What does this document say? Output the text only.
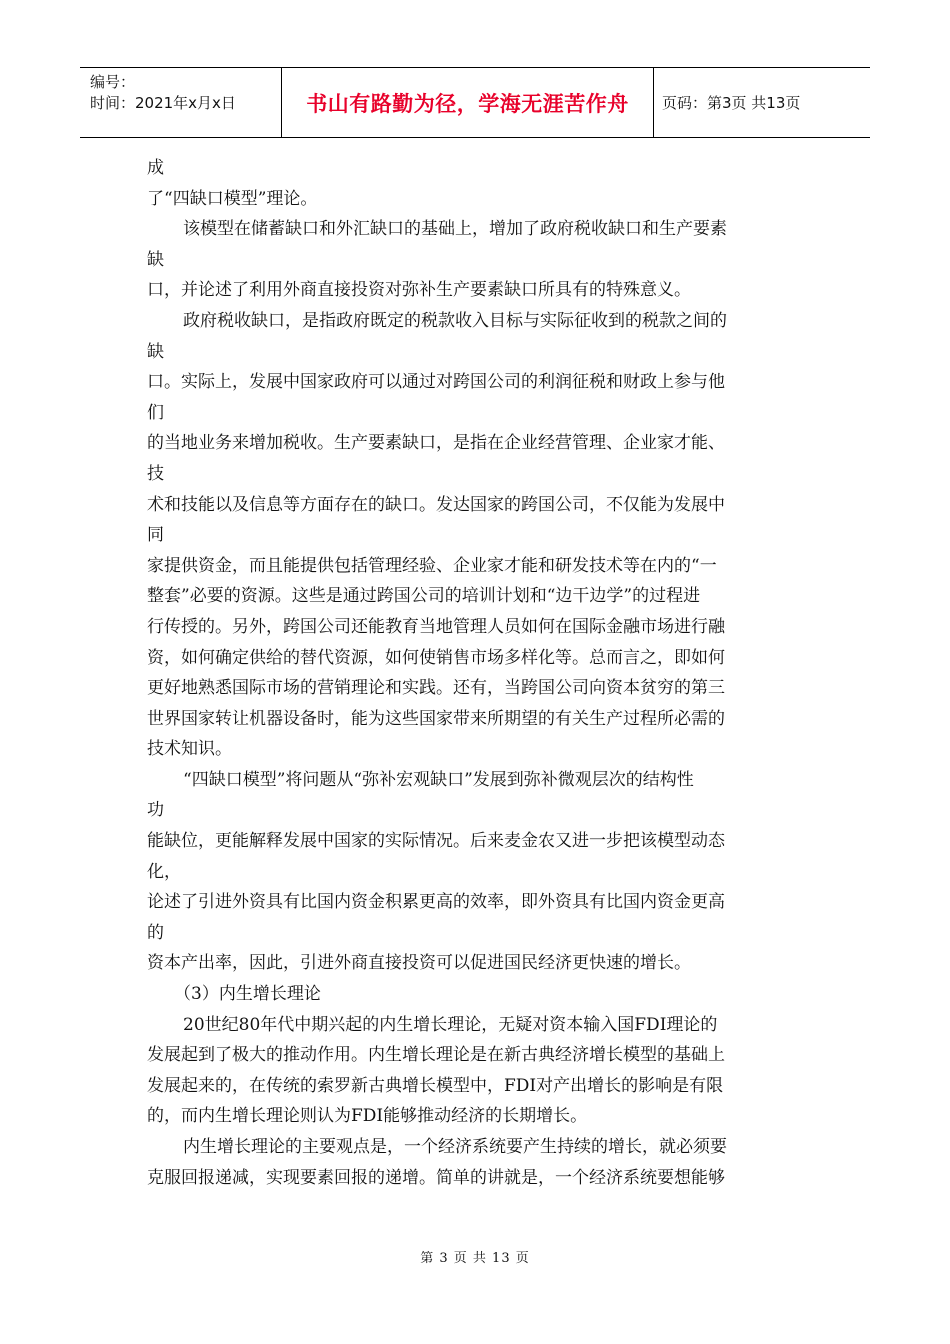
编号：
时间：2021年x月x日	书山有路勤为径，学海无涯苦作舟	页码：第3页 共13页
成
了“四缺口模型”理论。
该模型在储蓄缺口和外汇缺口的基础上，增加了政府税收缺口和生产要素
缺
口，并论述了利用外商直接投资对弥补生产要素缺口所具有的特殊意义。
政府税收缺口，是指政府既定的税款收入目标与实际征收到的税款之间的
缺
口。实际上，发展中国家政府可以通过对跨国公司的利润征税和财政上参与他
们
的当地业务来增加税收。生产要素缺口，是指在企业经营管理、企业家才能、
技
术和技能以及信息等方面存在的缺口。发达国家的跨国公司，不仅能为发展中
同
家提供资金，而且能提供包括管理经验、企业家才能和研发技术等在内的“一
整套”必要的资源。这些是通过跨国公司的培训计划和“边干边学”的过程进
行传授的。另外，跨国公司还能教育当地管理人员如何在国际金融市场进行融
资，如何确定供给的替代资源，如何使销售市场多样化等。总而言之，即如何
更好地熟悉国际市场的营销理论和实践。还有，当跨国公司向资本贫穷的第三
世界国家转让机器设备时，能为这些国家带来所期望的有关生产过程所必需的
技术知识。
“四缺口模型”将问题从“弥补宏观缺口”发展到弥补微观层次的结构性
功
能缺位，更能解释发展中国家的实际情况。后来麦金农又进一步把该模型动态
化，
论述了引进外资具有比国内资金积累更高的效率，即外资具有比国内资金更高
的
资本产出率，因此，引进外商直接投资可以促进国民经济更快速的增长。
（3）内生增长理论
20世纪80年代中期兴起的内生增长理论，无疑对资本输入国FDI理论的
发展起到了极大的推动作用。内生增长理论是在新古典经济增长模型的基础上
发展起来的，在传统的索罗新古典增长模型中，FDI对产出增长的影响是有限
的，而内生增长理论则认为FDI能够推动经济的长期增长。
内生增长理论的主要观点是，一个经济系统要产生持续的增长，就必须要
克服回报递减，实现要素回报的递增。简单的讲就是，一个经济系统要想能够
第 3 页 共 13 页
